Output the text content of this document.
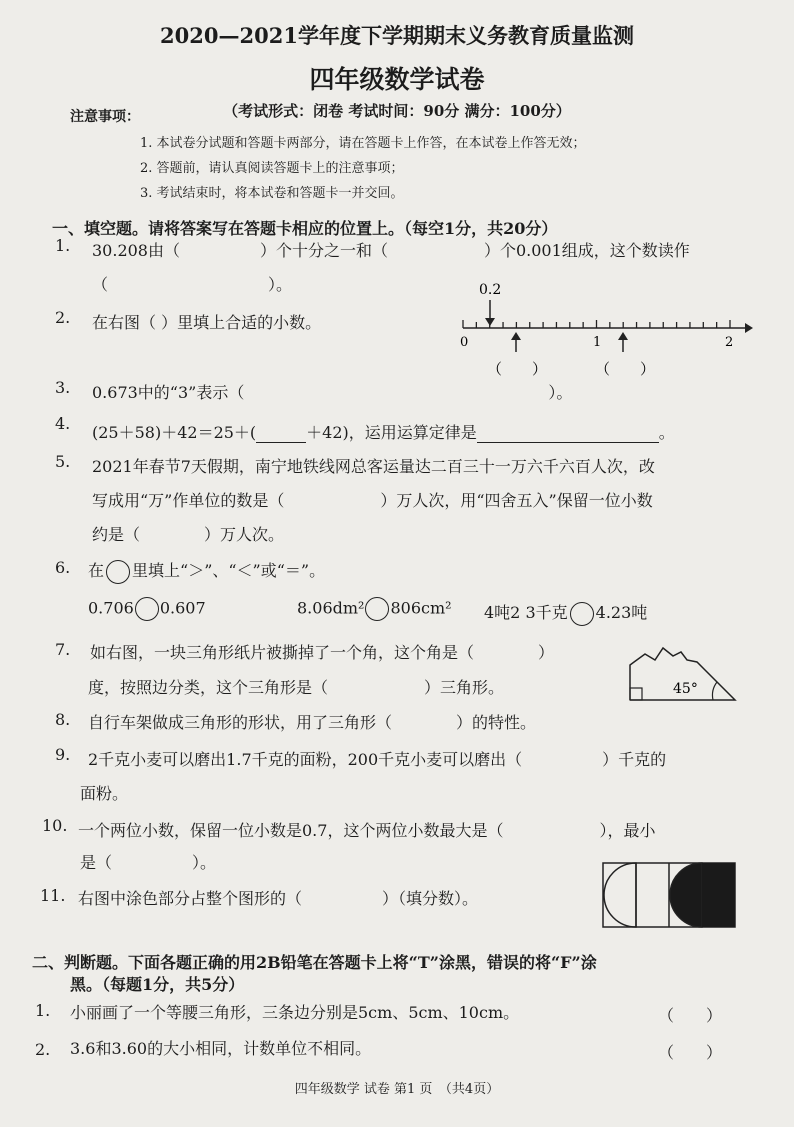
2020—2021学年度下学期期末义务教育质量监测
四年级数学试卷
（考试形式：闭卷 考试时间：90分 满分：100分）
注意事项：
1. 本试卷分试题和答题卡两部分，请在答题卡上作答，在本试卷上作答无效；
2. 答题前，请认真阅读答题卡上的注意事项；
3. 考试结束时，将本试卷和答题卡一并交回。
一、填空题。请将答案写在答题卡相应的位置上。（每空1分，共20分）
1. 30.208由（　　　　　）个十分之一和（　　　　　　）个0.001组成，这个数读作
（　　　　　　　　　　）。
2. 在右图（ ）里填上合适的小数。
0.2
0	1	2
（　　）	（　　）
3. 0.673中的“3”表示（　　　　　　　　　　　　　　　　　　　）。
4. (25＋58)＋42＝25＋(	＋42)，运用运算定律是	。
5. 2021年春节7天假期，南宁地铁线网总客运量达二百三十一万六千六百人次，改
写成用“万”作单位的数是（　　　　　　）万人次，用“四舍五入”保留一位小数
约是（　　　　）万人次。
6. 在 里填上“＞”、“＜”或“＝”。
0.706 0.607	8.06dm² 806cm² 4吨2 3千克 4.23吨
7. 如右图，一块三角形纸片被撕掉了一个角，这个角是（　　　　）
度，按照边分类，这个三角形是（　　　　　　）三角形。	45°
8. 自行车架做成三角形的形状，用了三角形（　　　　）的特性。
9. 2千克小麦可以磨出1.7千克的面粉，200千克小麦可以磨出（　　　　　）千克的
面粉。
10. 一个两位小数，保留一位小数是0.7，这个两位小数最大是（　　　　　　），最小
是（　　　　　）。
11. 右图中涂色部分占整个图形的（　　　　　）（填分数）。
二、判断题。下面各题正确的用2B铅笔在答题卡上将“T”涂黑，错误的将“F”涂
黑。（每题1分，共5分）
1. 小丽画了一个等腰三角形，三条边分别是5cm、5cm、10cm。	（　　）
2. 3.6和3.60的大小相同，计数单位不相同。	（　　）
四年级数学 试卷 第1 页　（共4页）
